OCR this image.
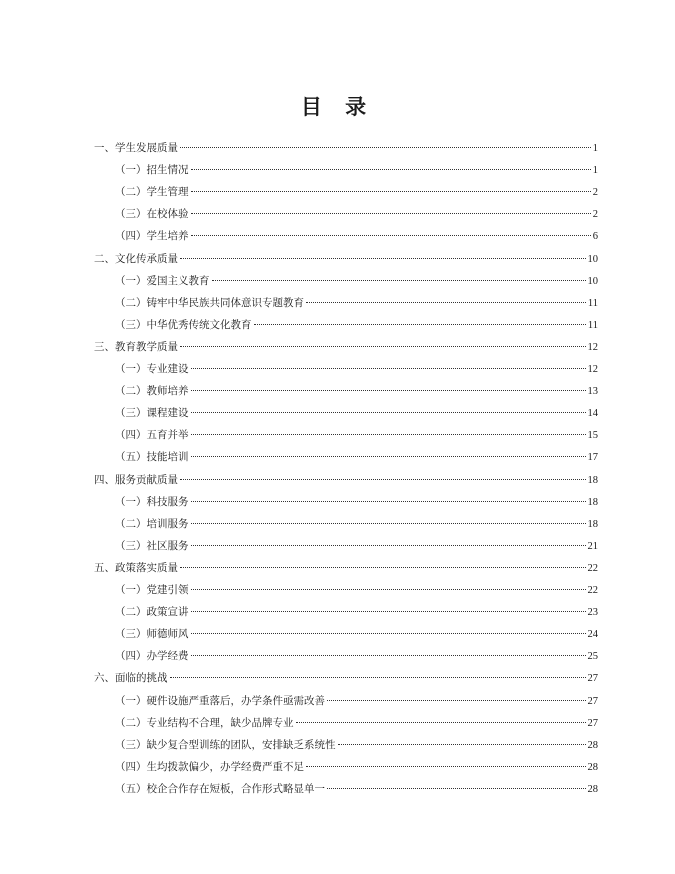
目 录
一、学生发展质量	1
（一）招生情况	1
（二）学生管理	2
（三）在校体验	2
（四）学生培养	6
二、文化传承质量	10
（一）爱国主义教育	10
（二）铸牢中华民族共同体意识专题教育	11
（三）中华优秀传统文化教育	11
三、教育教学质量	12
（一）专业建设	12
（二）教师培养	13
（三）课程建设	14
（四）五育并举	15
（五）技能培训	17
四、服务贡献质量	18
（一）科技服务	18
（二）培训服务	18
（三）社区服务	21
五、政策落实质量	22
（一）党建引领	22
（二）政策宣讲	23
（三）师德师风	24
（四）办学经费	25
六、面临的挑战	27
（一）硬件设施严重落后，办学条件亟需改善	27
（二）专业结构不合理，缺少品牌专业	27
（三）缺少复合型训练的团队，安排缺乏系统性	28
（四）生均拨款偏少，办学经费严重不足	28
（五）校企合作存在短板，合作形式略显单一	28
